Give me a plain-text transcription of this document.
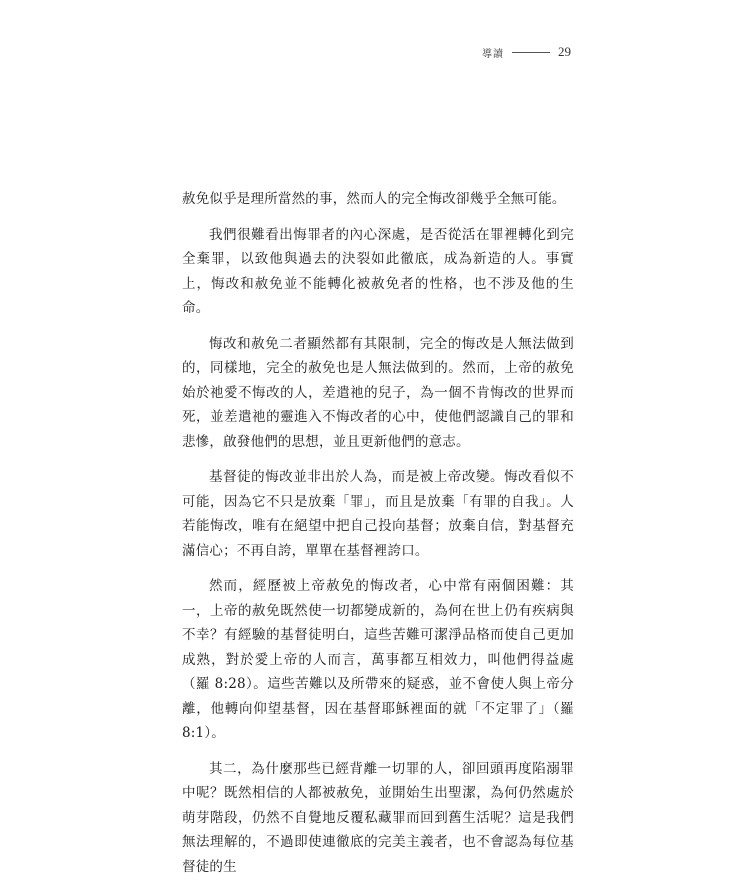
導讀	29

赦免似乎是理所當然的事，然而人的完全悔改卻幾乎全無可能。

我們很難看出悔罪者的內心深處，是否從活在罪裡轉化到完全棄罪，以致他與過去的決裂如此徹底，成為新造的人。事實上，悔改和赦免並不能轉化被赦免者的性格，也不涉及他的生命。

悔改和赦免二者顯然都有其限制，完全的悔改是人無法做到的，同樣地，完全的赦免也是人無法做到的。然而，上帝的赦免始於祂愛不悔改的人，差遣祂的兒子，為一個不肯悔改的世界而死，並差遣祂的靈進入不悔改者的心中，使他們認識自己的罪和悲慘，啟發他們的思想，並且更新他們的意志。

基督徒的悔改並非出於人為，而是被上帝改變。悔改看似不可能，因為它不只是放棄「罪」，而且是放棄「有罪的自我」。人若能悔改，唯有在絕望中把自己投向基督；放棄自信，對基督充滿信心；不再自誇，單單在基督裡誇口。

然而，經歷被上帝赦免的悔改者，心中常有兩個困難：其一，上帝的赦免既然使一切都變成新的，為何在世上仍有疾病與不幸？有經驗的基督徒明白，這些苦難可潔淨品格而使自己更加成熟，對於愛上帝的人而言，萬事都互相效力，叫他們得益處（羅 8:28）。這些苦難以及所帶來的疑惑，並不會使人與上帝分離，他轉向仰望基督，因在基督耶穌裡面的就「不定罪了」（羅 8:1）。

其二，為什麼那些已經背離一切罪的人，卻回頭再度陷溺罪中呢？既然相信的人都被赦免，並開始生出聖潔，為何仍然處於萌芽階段，仍然不自覺地反覆私藏罪而回到舊生活呢？這是我們無法理解的，不過即使連徹底的完美主義者，也不會認為每位基督徒的生
